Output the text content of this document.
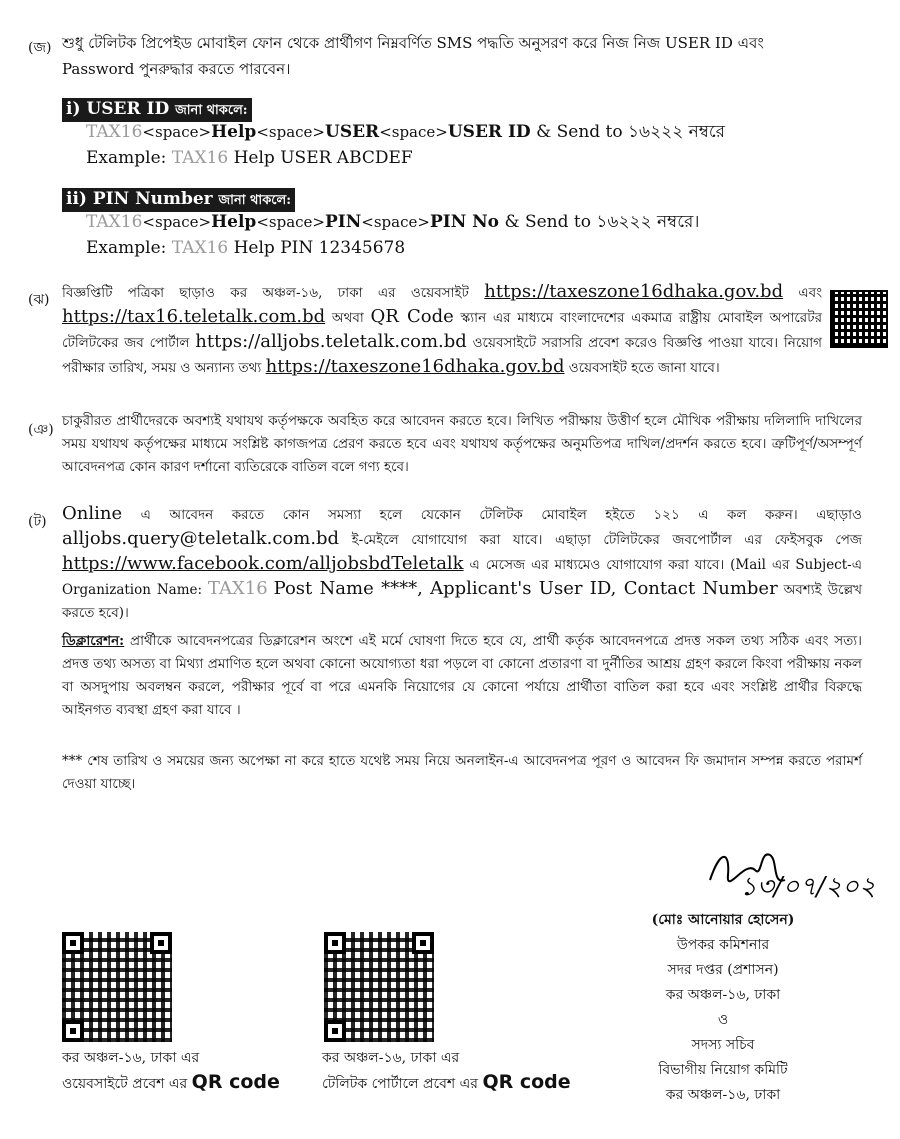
(জ) শুধু টেলিটক প্রিপেইড মোবাইল ফোন থেকে প্রার্থীগণ নিম্নবর্ণিত SMS পদ্ধতি অনুসরণ করে নিজ নিজ USER ID এবং
Password পুনরুদ্ধার করতে পারবেন।
i) USER ID জানা থাকলে:
TAX16<space>Help<space>USER<space>USER ID & Send to ১৬২২২ নম্বরে
Example: TAX16 Help USER ABCDEF
ii) PIN Number জানা থাকলে:
TAX16<space>Help<space>PIN<space>PIN No & Send to ১৬২২২ নম্বরে।
Example: TAX16 Help PIN 12345678
(ঝ) বিজ্ঞপ্তিটি পত্রিকা ছাড়াও কর অঞ্চল-১৬, ঢাকা এর ওয়েবসাইট https://taxeszone16dhaka.gov.bd এবং https://tax16.teletalk.com.bd অথবা QR Code স্ক্যান এর মাধ্যমে বাংলাদেশের একমাত্র রাষ্ট্রীয় মোবাইল অপারেটর টেলিটকের জব পোর্টাল https://alljobs.teletalk.com.bd ওয়েবসাইটে সরাসরি প্রবেশ করেও বিজ্ঞপ্তি পাওয়া যাবে। নিয়োগ পরীক্ষার তারিখ, সময় ও অন্যান্য তথ্য https://taxeszone16dhaka.gov.bd ওয়েবসাইট হতে জানা যাবে।
(ঞ)
চাকুরীরত প্রার্থীদেরকে অবশ্যই যথাযথ কর্তৃপক্ষকে অবহিত করে আবেদন করতে হবে। লিখিত পরীক্ষায় উত্তীর্ণ হলে মৌখিক পরীক্ষায় দলিলাদি দাখিলের সময় যথাযথ কর্তৃপক্ষের মাধ্যমে সংশ্লিষ্ট কাগজপত্র প্রেরণ করতে হবে এবং যথাযথ কর্তৃপক্ষের অনুমতিপত্র দাখিল/প্রদর্শন করতে হবে। ত্রুটিপূর্ণ/অসম্পূর্ণ আবেদনপত্র কোন কারণ দর্শানো ব্যতিরেকে বাতিল বলে গণ্য হবে।
(ট) Online এ আবেদন করতে কোন সমস্যা হলে যেকোন টেলিটক মোবাইল হইতে ১২১ এ কল করুন। এছাড়াও alljobs.query@teletalk.com.bd ই-মেইলে যোগাযোগ করা যাবে। এছাড়া টেলিটকের জবপোর্টাল এর ফেইসবুক পেজ https://www.facebook.com/alljobsbdTeletalk এ মেসেজ এর মাধ্যমেও যোগাযোগ করা যাবে। (Mail এর Subject-এ Organization Name: TAX16 Post Name ****, Applicant's User ID, Contact Number অবশ্যই উল্লেখ করতে হবে)।
ডিক্লারেশন: প্রার্থীকে আবেদনপত্রের ডিক্লারেশন অংশে এই মর্মে ঘোষণা দিতে হবে যে, প্রার্থী কর্তৃক আবেদনপত্রে প্রদত্ত সকল তথ্য সঠিক এবং সত্য। প্রদত্ত তথ্য অসত্য বা মিথ্যা প্রমাণিত হলে অথবা কোনো অযোগ্যতা ধরা পড়লে বা কোনো প্রতারণা বা দুর্নীতির আশ্রয় গ্রহণ করলে কিংবা পরীক্ষায় নকল বা অসদুপায় অবলম্বন করলে, পরীক্ষার পূর্বে বা পরে এমনকি নিয়োগের যে কোনো পর্যায়ে প্রার্থীতা বাতিল করা হবে এবং সংশ্লিষ্ট প্রার্থীর বিরুদ্ধে আইনগত ব্যবস্থা গ্রহণ করা যাবে ।
*** শেষ তারিখ ও সময়ের জন্য অপেক্ষা না করে হাতে যথেষ্ট সময় নিয়ে অনলাইন-এ আবেদনপত্র পূরণ ও আবেদন ফি জমাদান সম্পন্ন করতে পরামর্শ দেওয়া যাচ্ছে।
১৩/০৭/২০২
(মোঃ আনোয়ার হোসেন)
উপকর কমিশনার
সদর দপ্তর (প্রশাসন)
কর অঞ্চল-১৬, ঢাকা
ও
সদস্য সচিব
বিভাগীয় নিয়োগ কমিটি
কর অঞ্চল-১৬, ঢাকা
কর অঞ্চল-১৬, ঢাকা এর
ওয়েবসাইটে প্রবেশ এর QR code
কর অঞ্চল-১৬, ঢাকা এর
টেলিটক পোর্টালে প্রবেশ এর QR code
